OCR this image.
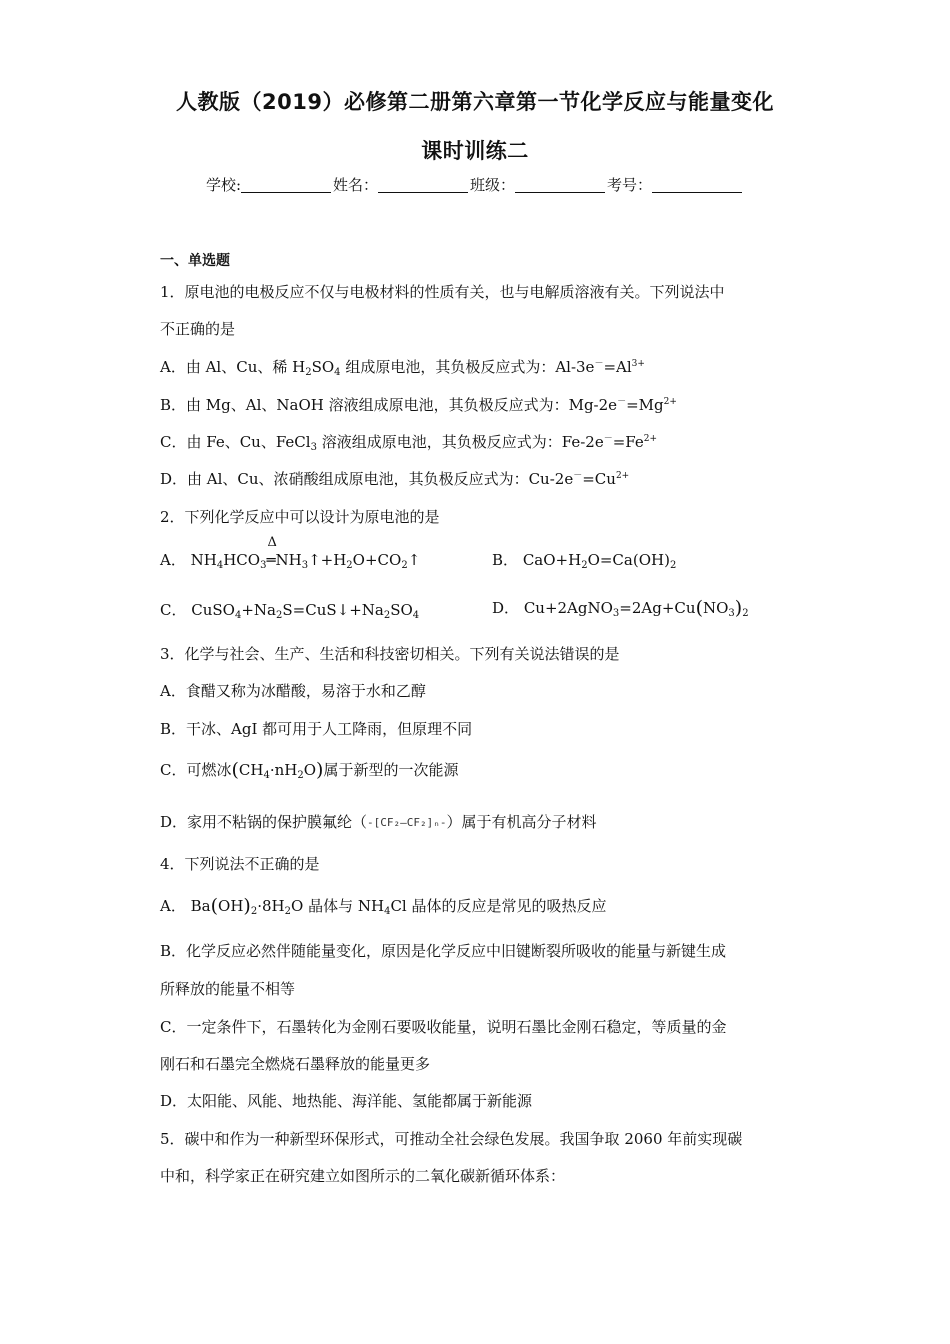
人教版（2019）必修第二册第六章第一节化学反应与能量变化
课时训练二
学校:	姓名：	班级：	考号：
一、单选题
1．原电池的电极反应不仅与电极材料的性质有关，也与电解质溶液有关。下列说法中
不正确的是
A．由 Al、Cu、稀 $H_2SO_4$ 组成原电池，其负极反应式为：$Al-3e^-=Al^{3+}$
B．由 Mg、Al、NaOH 溶液组成原电池，其负极反应式为：$Mg-2e^-=Mg^{2+}$
C．由 Fe、Cu、FeCl$_3$ 溶液组成原电池，其负极反应式为：$Fe-2e^-=Fe^{2+}$
D．由 Al、Cu、浓硝酸组成原电池，其负极反应式为：$Cu-2e^-=Cu^{2+}$
2．下列化学反应中可以设计为原电池的是
A． $NH_4HCO_3$
Δ
$═NH_3↑+H_2O+CO_2↑$	B． $CaO+H_2O=Ca(OH)_2$
C． $CuSO_4+Na_2S=CuS↓+Na_2SO_4$	D． $Cu+2AgNO_3=2Ag+Cu(NO_3)_2$
3．化学与社会、生产、生活和科技密切相关。下列有关说法错误的是
A．食醋又称为冰醋酸，易溶于水和乙醇
B．干冰、AgI 都可用于人工降雨，但原理不同
C．可燃冰$(CH_4\cdot nH_2O)$属于新型的一次能源
D．家用不粘锅的保护膜氟纶（-[CF₂—CF₂]ₙ-）属于有机高分子材料
4．下列说法不正确的是
A． $Ba(OH)_2\cdot 8H_2O$ 晶体与 $NH_4Cl$ 晶体的反应是常见的吸热反应
B．化学反应必然伴随能量变化，原因是化学反应中旧键断裂所吸收的能量与新键生成
所释放的能量不相等
C．一定条件下，石墨转化为金刚石要吸收能量，说明石墨比金刚石稳定，等质量的金
刚石和石墨完全燃烧石墨释放的能量更多
D．太阳能、风能、地热能、海洋能、氢能都属于新能源
5．碳中和作为一种新型环保形式，可推动全社会绿色发展。我国争取 2060 年前实现碳
中和，科学家正在研究建立如图所示的二氧化碳新循环体系：
